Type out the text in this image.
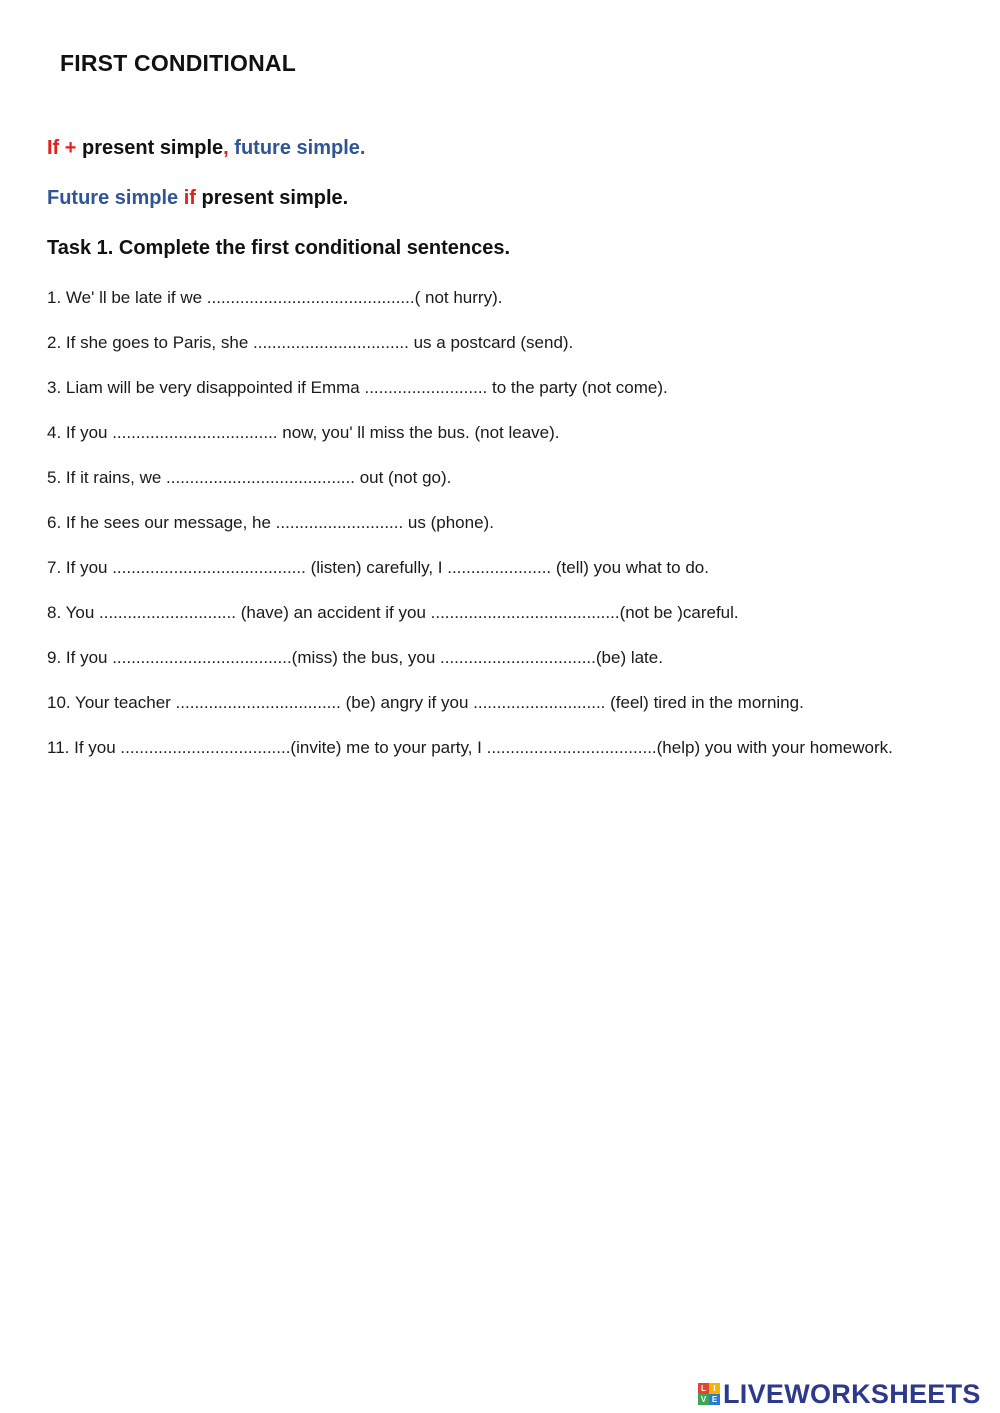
FIRST CONDITIONAL
If + present simple, future simple.
Future simple if present simple.
Task 1. Complete the first conditional sentences.
1. We' ll be late if we ............................................( not hurry).
2. If she goes to Paris, she ................................. us a postcard (send).
3. Liam will be very disappointed if Emma .......................... to the party (not come).
4. If you ................................... now, you' ll miss the bus. (not leave).
5. If it rains, we ........................................ out (not go).
6. If he sees our message, he ........................... us (phone).
7. If you ......................................... (listen) carefully, I ...................... (tell) you what to do.
8. You ............................. (have) an accident if you ........................................(not be )careful.
9. If you ......................................(miss) the bus, you .................................(be) late.
10. Your teacher ................................... (be) angry if you ............................ (feel) tired in the morning.
11. If you ....................................(invite) me to your party, I ....................................(help) you with your homework.
L I
V E LIVEWORKSHEETS
